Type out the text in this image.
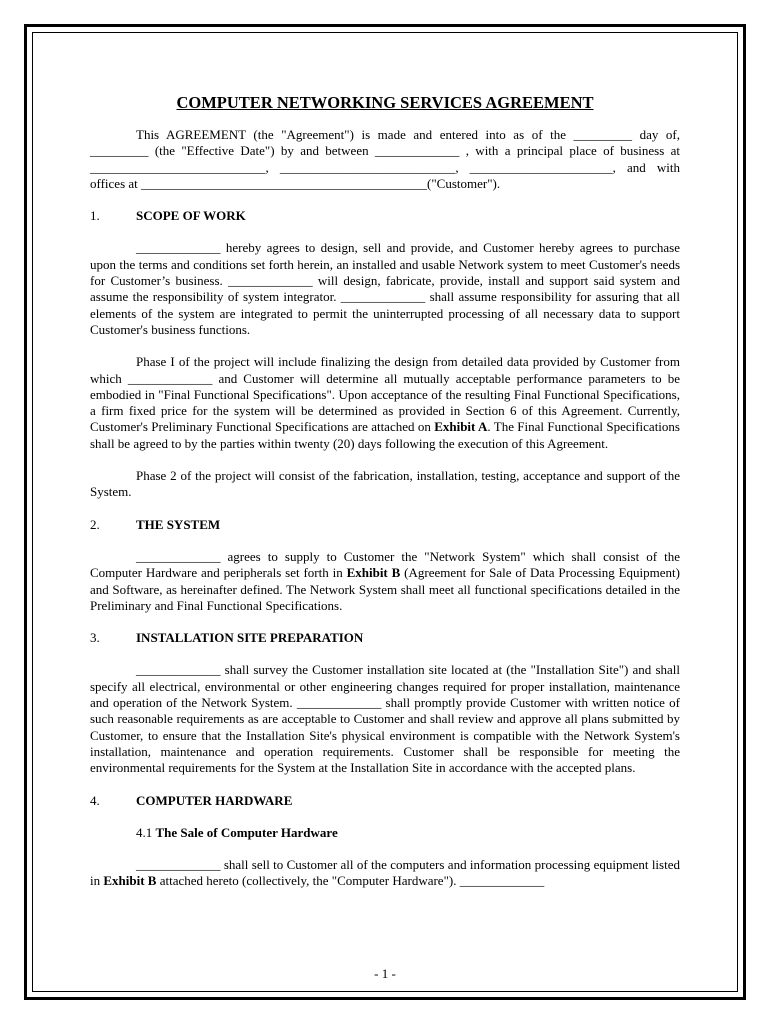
COMPUTER NETWORKING SERVICES AGREEMENT

This AGREEMENT (the "Agreement") is made and entered into as of the _________ day of, _________ (the "Effective Date") by and between _____________ , with a principal place of business at ___________________________, ___________________________, ______________________, and with offices at ____________________________________________("Customer").

1.	SCOPE OF WORK

_____________ hereby agrees to design, sell and provide, and Customer hereby agrees to purchase upon the terms and conditions set forth herein, an installed and usable Network system to meet Customer's needs for Customer’s business. _____________ will design, fabricate, provide, install and support said system and assume the responsibility of system integrator. _____________ shall assume responsibility for assuring that all elements of the system are integrated to permit the uninterrupted processing of all necessary data to support Customer's business functions.

Phase I of the project will include finalizing the design from detailed data provided by Customer from which _____________ and Customer will determine all mutually acceptable performance parameters to be embodied in "Final Functional Specifications". Upon acceptance of the resulting Final Functional Specifications, a firm fixed price for the system will be determined as provided in Section 6 of this Agreement. Currently, Customer's Preliminary Functional Specifications are attached on Exhibit A. The Final Functional Specifications shall be agreed to by the parties within twenty (20) days following the execution of this Agreement.

Phase 2 of the project will consist of the fabrication, installation, testing, acceptance and support of the System.

2.	THE SYSTEM

_____________ agrees to supply to Customer the "Network System" which shall consist of the Computer Hardware and peripherals set forth in Exhibit B (Agreement for Sale of Data Processing Equipment) and Software, as hereinafter defined. The Network System shall meet all functional specifications detailed in the Preliminary and Final Functional Specifications.

3.	INSTALLATION SITE PREPARATION

_____________ shall survey the Customer installation site located at (the "Installation Site") and shall specify all electrical, environmental or other engineering changes required for proper installation, maintenance and operation of the Network System. _____________ shall promptly provide Customer with written notice of such reasonable requirements as are acceptable to Customer and shall review and approve all plans submitted by Customer, to ensure that the Installation Site's physical environment is compatible with the Network System's installation, maintenance and operation requirements. Customer shall be responsible for meeting the environmental requirements for the System at the Installation Site in accordance with the accepted plans.

4.	COMPUTER HARDWARE
4.1 The Sale of Computer Hardware

_____________ shall sell to Customer all of the computers and information processing equipment listed in Exhibit B attached hereto (collectively, the "Computer Hardware"). _____________

- 1 -
